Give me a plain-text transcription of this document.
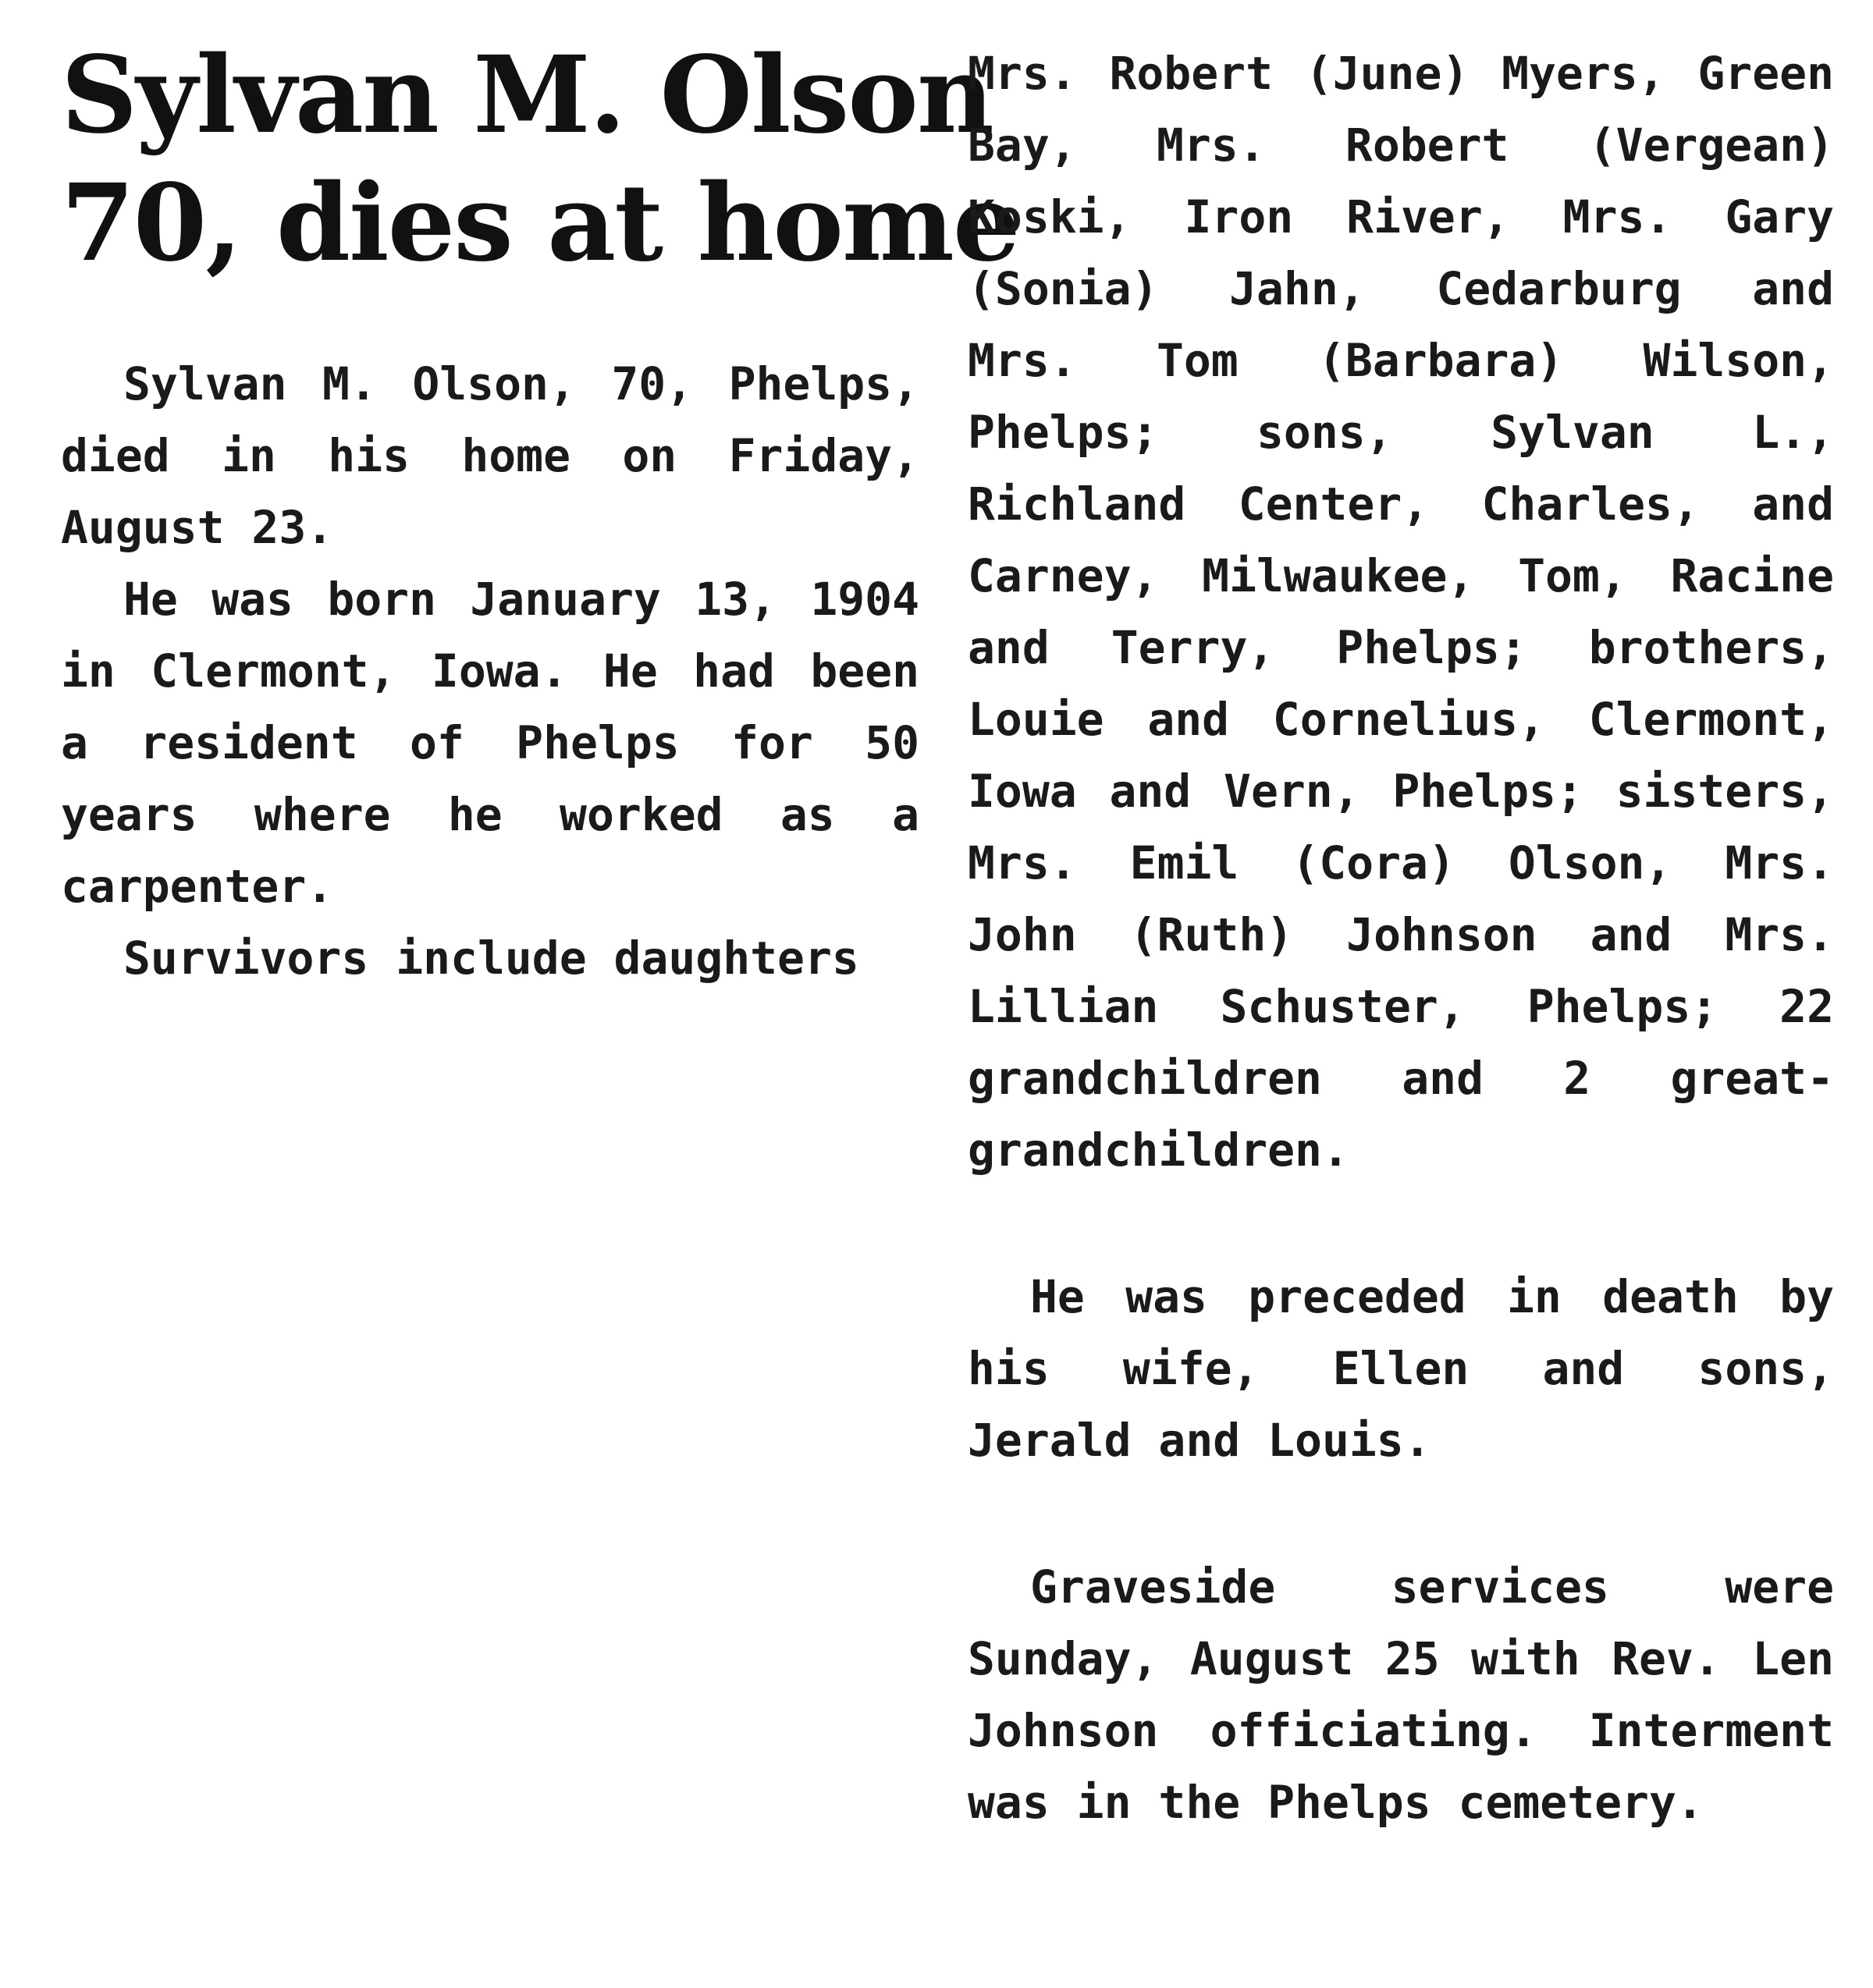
Sylvan M. Olson
70, dies at home

Sylvan M. Olson, 70, Phelps, died in his home on Friday, August 23.

He was born January 13, 1904 in Clermont, Iowa. He had been a resident of Phelps for 50 years where he worked as a carpenter.

Survivors include daughters

Mrs. Robert (June) Myers, Green Bay, Mrs. Robert (Vergean) Koski, Iron River, Mrs. Gary (Sonia) Jahn, Cedarburg and Mrs. Tom (Barbara) Wilson, Phelps; sons, Sylvan L., Richland Center, Charles, and Carney, Milwaukee, Tom, Racine and Terry, Phelps; brothers, Louie and Cornelius, Clermont, Iowa and Vern, Phelps; sisters, Mrs. Emil (Cora) Olson, Mrs. John (Ruth) Johnson and Mrs. Lillian Schuster, Phelps; 22 grandchildren and 2 great-grandchildren.

He was preceded in death by his wife, Ellen and sons, Jerald and Louis.

Graveside services were Sunday, August 25 with Rev. Len Johnson officiating. Interment was in the Phelps cemetery.
